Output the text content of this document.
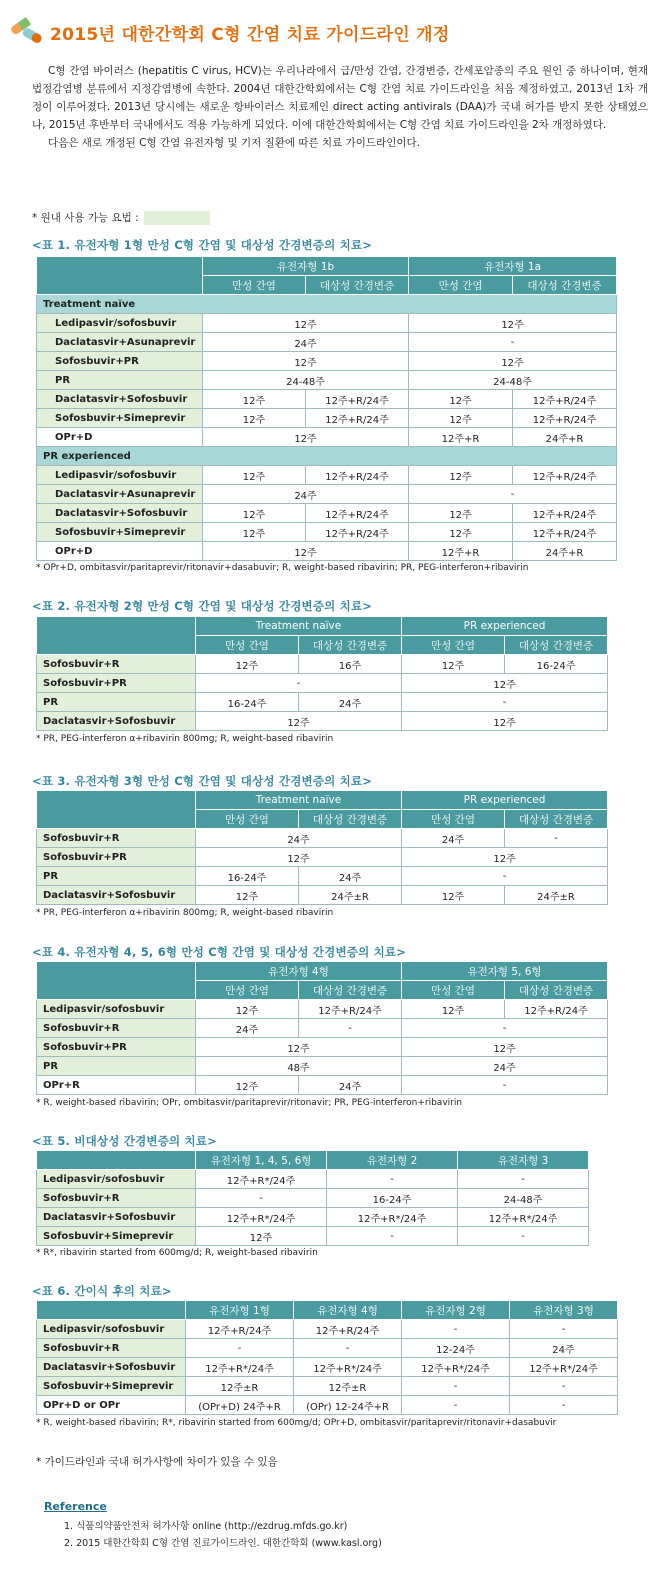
2015년 대한간학회 C형 간염 치료 가이드라인 개정

C형 간염 바이러스 (hepatitis C virus, HCV)는 우리나라에서 급/만성 간염, 간경변증, 간세포암종의 주요 원인 중 하나이며, 현재 법정감염병 분류에서 지정감염병에 속한다. 2004년 대한간학회에서는 C형 간염 치료 가이드라인을 처음 제정하였고, 2013년 1차 개정이 이루어졌다. 2013년 당시에는 새로운 항바이러스 치료제인 direct acting antivirals (DAA)가 국내 허가를 받지 못한 상태였으나, 2015년 후반부터 국내에서도 적용 가능하게 되었다. 이에 대한간학회에서는 C형 간염 치료 가이드라인을 2차 개정하였다.

다음은 새로 개정된 C형 간염 유전자형 및 기저 질환에 따른 치료 가이드라인이다.

* 원내 사용 가능 요법 :
<표 1. 유전자형 1형 만성 C형 간염 및 대상성 간경변증의 치료>
	유전자형 1b		유전자형 1a	
	만성 간염	대상성 간경변증	만성 간염	대상성 간경변증
Treatment naïve				
Ledipasvir/sofosbuvir	12주		12주	
Daclatasvir+Asunaprevir	24주		-	
Sofosbuvir+PR	12주		12주	
PR	24-48주		24-48주	
Daclatasvir+Sofosbuvir	12주	12주+R/24주	12주	12주+R/24주
Sofosbuvir+Simeprevir	12주	12주+R/24주	12주	12주+R/24주
OPr+D	12주		12주+R	24주+R
PR experienced				
Ledipasvir/sofosbuvir	12주	12주+R/24주	12주	12주+R/24주
Daclatasvir+Asunaprevir	24주		-	
Daclatasvir+Sofosbuvir	12주	12주+R/24주	12주	12주+R/24주
Sofosbuvir+Simeprevir	12주	12주+R/24주	12주	12주+R/24주
OPr+D	12주		12주+R	24주+R
* OPr+D, ombitasvir/paritaprevir/ritonavir+dasabuvir; R, weight-based ribavirin; PR, PEG-interferon+ribavirin
<표 2. 유전자형 2형 만성 C형 간염 및 대상성 간경변증의 치료>
	Treatment naïve		PR experienced	
	만성 간염	대상성 간경변증	만성 간염	대상성 간경변증
Sofosbuvir+R	12주	16주	12주	16-24주
Sofosbuvir+PR	-		12주	
PR	16-24주	24주	-	
Daclatasvir+Sofosbuvir	12주		12주	
* PR, PEG-interferon α+ribavirin 800mg; R, weight-based ribavirin
<표 3. 유전자형 3형 만성 C형 간염 및 대상성 간경변증의 치료>
	Treatment naïve		PR experienced	
	만성 간염	대상성 간경변증	만성 간염	대상성 간경변증
Sofosbuvir+R	24주		24주	-
Sofosbuvir+PR	12주		12주	
PR	16-24주	24주	-	
Daclatasvir+Sofosbuvir	12주	24주±R	12주	24주±R
* PR, PEG-interferon α+ribavirin 800mg; R, weight-based ribavirin
<표 4. 유전자형 4, 5, 6형 만성 C형 간염 및 대상성 간경변증의 치료>
	유전자형 4형		유전자형 5, 6형	
	만성 간염	대상성 간경변증	만성 간염	대상성 간경변증
Ledipasvir/sofosbuvir	12주	12주+R/24주	12주	12주+R/24주
Sofosbuvir+R	24주	-	-	
Sofosbuvir+PR	12주		12주	
PR	48주		24주	
OPr+R	12주	24주	-	
* R, weight-based ribavirin; OPr, ombitasvir/paritaprevir/ritonavir; PR, PEG-interferon+ribavirin
<표 5. 비대상성 간경변증의 치료>
	유전자형 1, 4, 5, 6형	유전자형 2	유전자형 3
Ledipasvir/sofosbuvir	12주+R*/24주	-	-
Sofosbuvir+R	-	16-24주	24-48주
Daclatasvir+Sofosbuvir	12주+R*/24주	12주+R*/24주	12주+R*/24주
Sofosbuvir+Simeprevir	12주	-	-
* R*, ribavirin started from 600mg/d; R, weight-based ribavirin
<표 6. 간이식 후의 치료>
	유전자형 1형	유전자형 4형	유전자형 2형	유전자형 3형
Ledipasvir/sofosbuvir	12주+R/24주	12주+R/24주	-	-
Sofosbuvir+R	-	-	12-24주	24주
Daclatasvir+Sofosbuvir	12주+R*/24주	12주+R*/24주	12주+R*/24주	12주+R*/24주
Sofosbuvir+Simeprevir	12주±R	12주±R	-	-
OPr+D or OPr	(OPr+D) 24주+R	(OPr) 12-24주+R	-	-
* R, weight-based ribavirin; R*, ribavirin started from 600mg/d; OPr+D, ombitasvir/paritaprevir/ritonavir+dasabuvir
* 가이드라인과 국내 허가사항에 차이가 있을 수 있음
Reference
1. 식품의약품안전처 허가사항 online (http://ezdrug.mfds.go.kr)
2. 2015 대한간학회 C형 간염 진료가이드라인. 대한간학회 (www.kasl.org)
